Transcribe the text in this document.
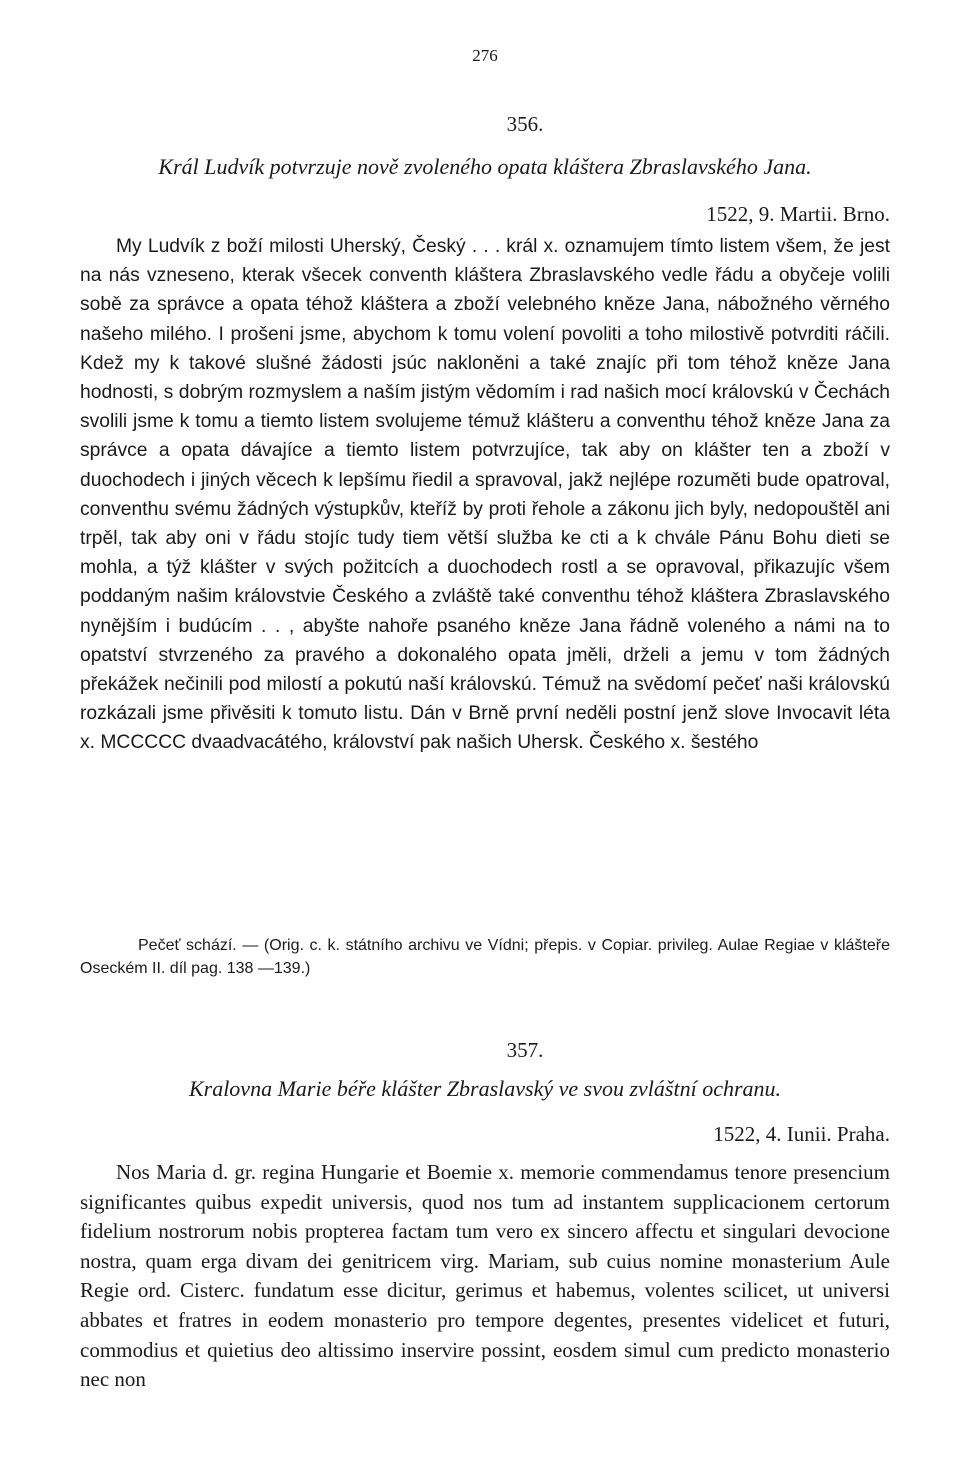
276
356.
Král Ludvík potvrzuje nově zvoleného opata kláštera Zbraslavského Jana.
1522, 9. Martii. Brno.

My Ludvík z boží milosti Uherský, Český . . . král x. oznamujem tímto listem všem, že jest na nás vzneseno, kterak všecek conventh kláštera Zbraslavského vedle řádu a obyčeje volili sobě za správce a opata téhož kláštera a zboží velebného kněze Jana, nábožného věrného našeho milého. I prošeni jsme, abychom k tomu volení povoliti a toho milostivě potvrditi ráčili. Kdež my k takové slušné žádosti jsúc nakloněni a také znajíc při tom téhož kněze Jana hodnosti, s dobrým rozmyslem a naším jistým vědomím i rad našich mocí královskú v Čechách svolili jsme k tomu a tiemto listem svolujeme témuž klášteru a conventhu téhož kněze Jana za správce a opata dávajíce a tiemto listem potvrzujíce, tak aby on klášter ten a zboží v duochodech i jiných věcech k lepšímu řiedil a spravoval, jakž nejlépe rozuměti bude opatroval, conventhu svému žádných výstupkův, kteříž by proti řehole a zákonu jich byly, nedopouštěl ani trpěl, tak aby oni v řádu stojíc tudy tiem větší služba ke cti a k chvále Pánu Bohu dieti se mohla, a týž klášter v svých požitcích a duochodech rostl a se opravoval, přikazujíc všem poddaným našim královstvie Českého a zvláště také conventhu téhož kláštera Zbraslavského nynějším i budúcím . . , abyšte nahoře psaného kněze Jana řádně voleného a námi na to opatství stvrzeného za pravého a dokonalého opata jměli, drželi a jemu v tom žádných překážek nečinili pod milostí a pokutú naší královskú. Témuž na svědomí pečeť naši královskú rozkázali jsme přivěsiti k tomuto listu. Dán v Brně první neděli postní jenž slove Invocavit léta x. MCCCCC dvaadvacátého, království pak našich Uhersk. Českého x. šestého

Pečeť schází. — (Orig. c. k. státního archivu ve Vídni; přepis. v Copiar. privileg. Aulae Regiae v klášteře Oseckém II. díl pag. 138 —139.)

357.
Kralovna Marie béře klášter Zbraslavský ve svou zvláštní ochranu.
1522, 4. Iunii. Praha.

Nos Maria d. gr. regina Hungarie et Boemie x. memorie commendamus tenore presencium significantes quibus expedit universis, quod nos tum ad instantem supplicacionem certorum fidelium nostrorum nobis propterea factam tum vero ex sincero affectu et singulari devocione nostra, quam erga divam dei genitricem virg. Mariam, sub cuius nomine monasterium Aule Regie ord. Cisterc. fundatum esse dicitur, gerimus et habemus, volentes scilicet, ut universi abbates et fratres in eodem monasterio pro tempore degentes, presentes videlicet et futuri, commodius et quietius deo altissimo inservire possint, eosdem simul cum predicto monasterio nec non
